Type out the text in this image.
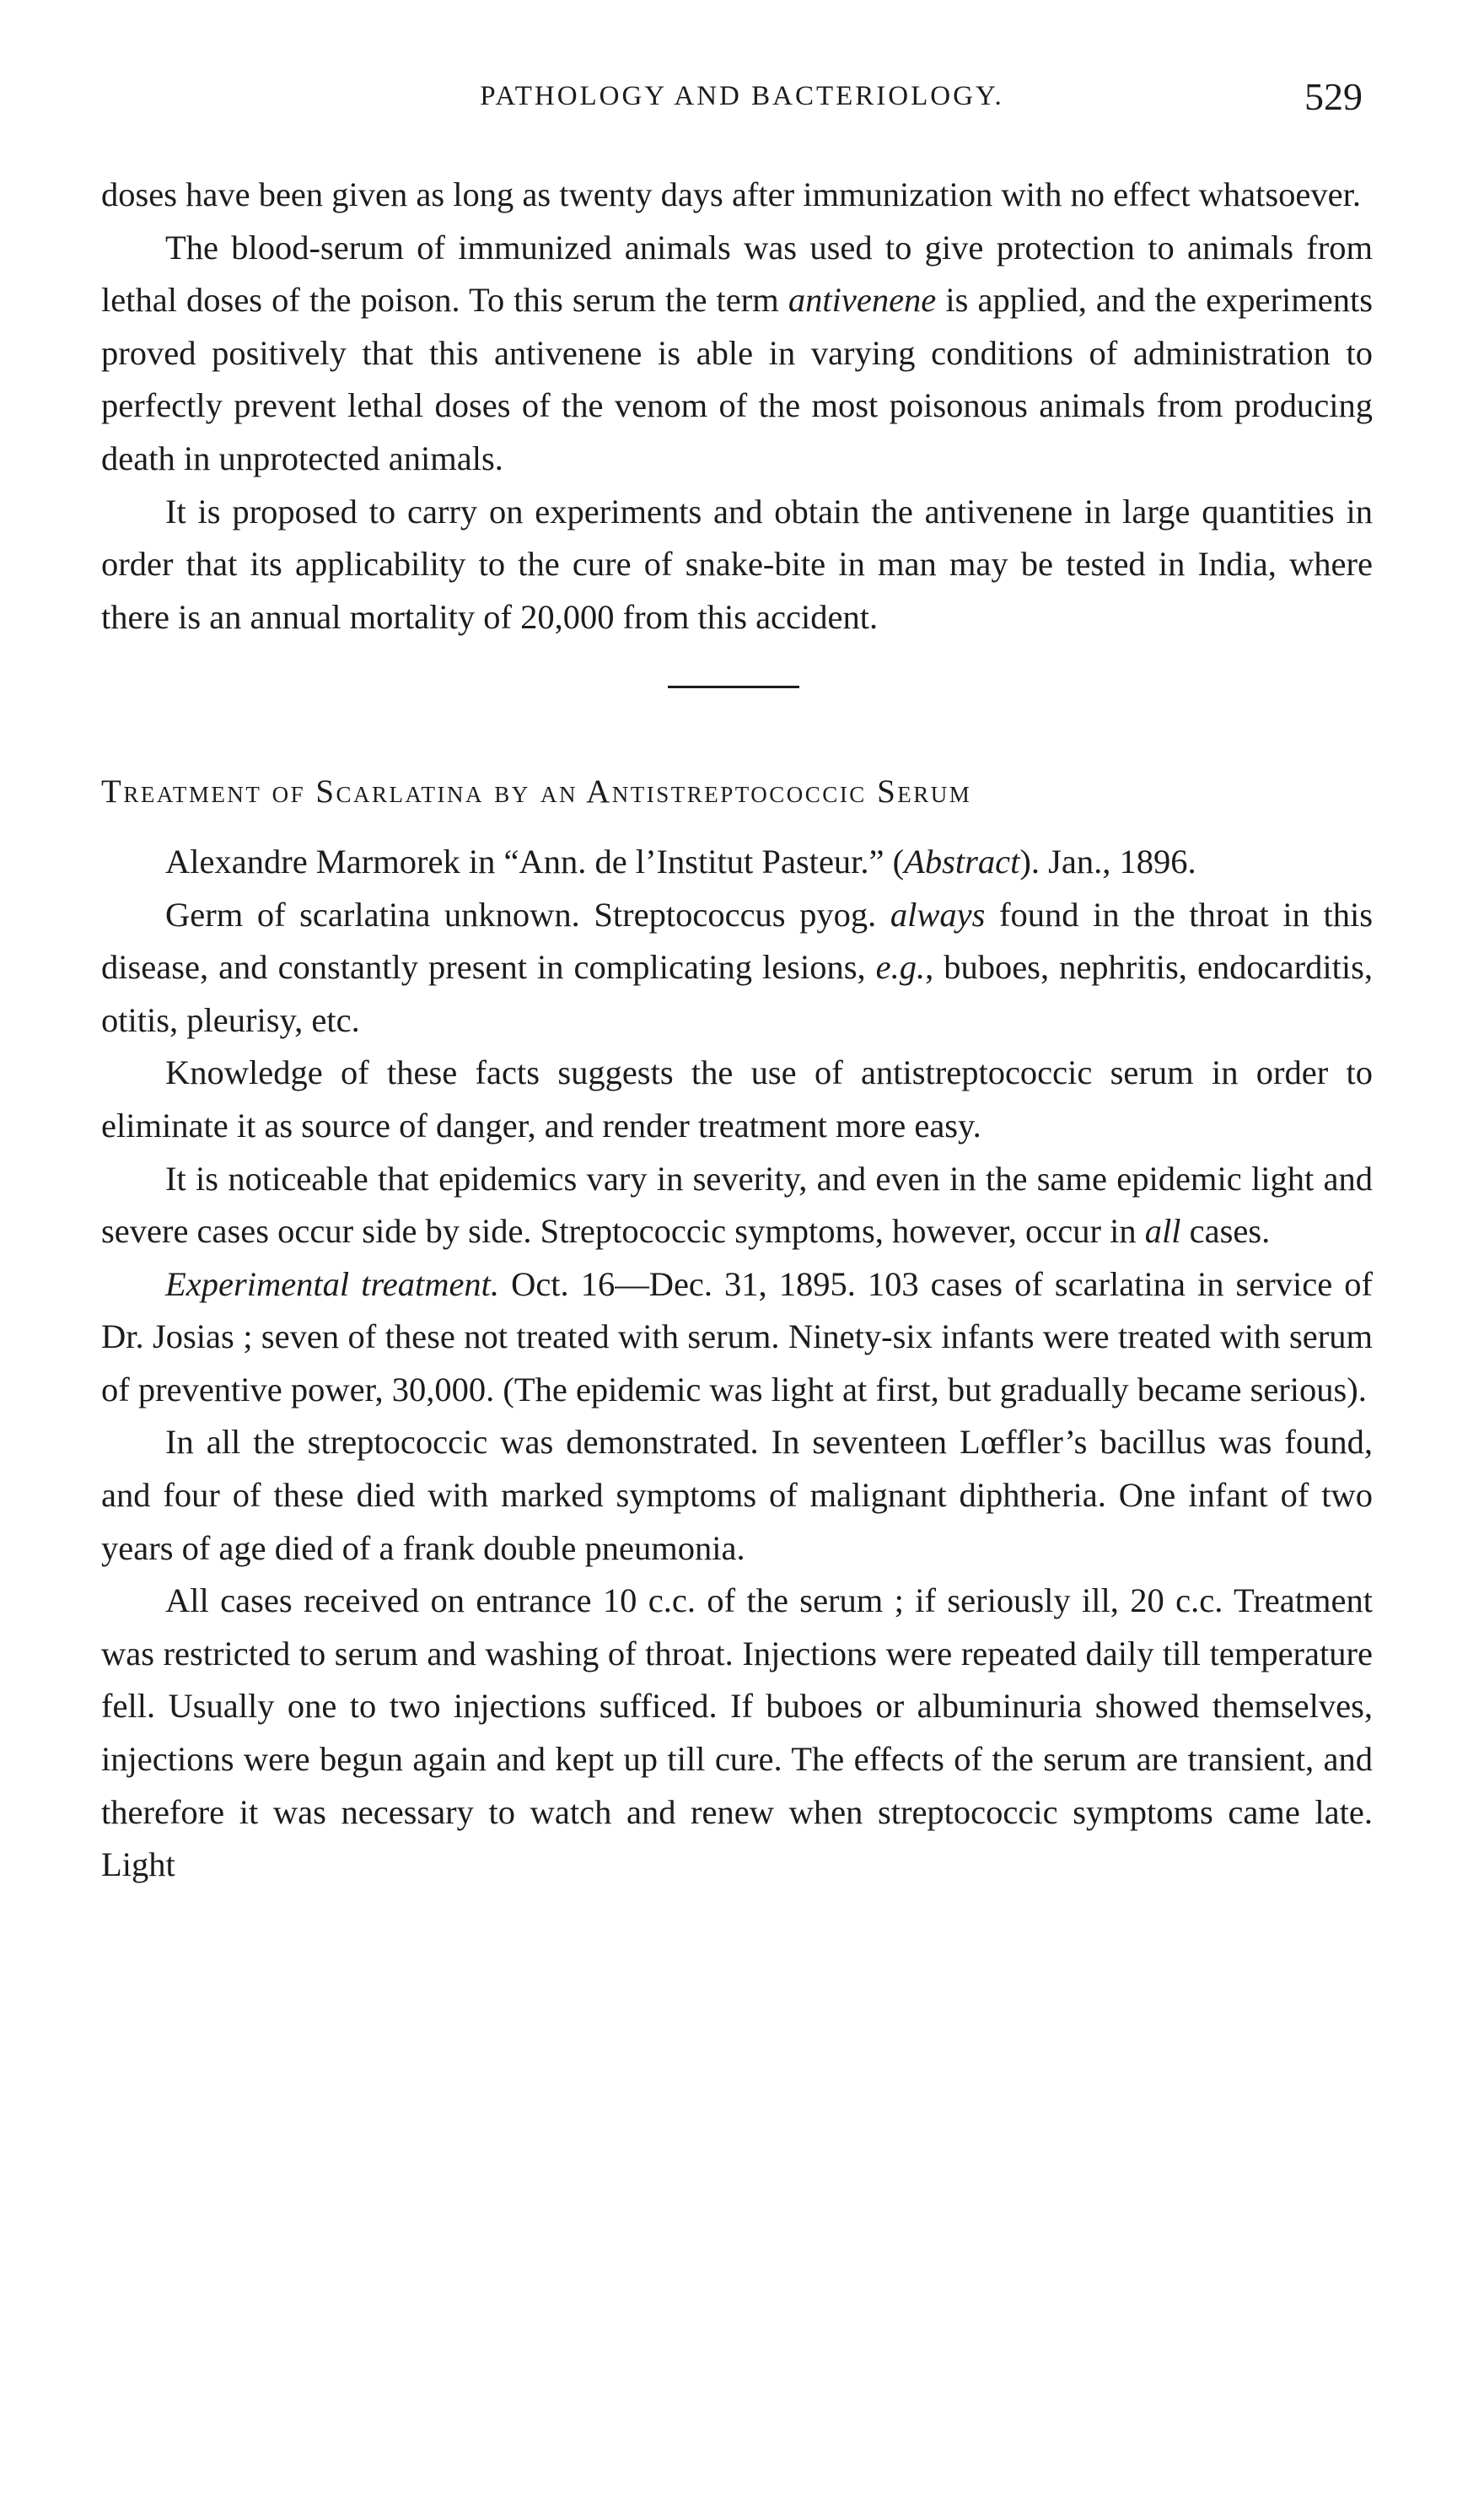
PATHOLOGY AND BACTERIOLOGY.	529

doses have been given as long as twenty days after immunization with no effect whatsoever.

The blood-serum of immunized animals was used to give protection to animals from lethal doses of the poison. To this serum the term antivenene is applied, and the experiments proved positively that this antivenene is able in varying conditions of administration to perfectly prevent lethal doses of the venom of the most poisonous animals from producing death in unprotected animals.

It is proposed to carry on experiments and obtain the antivenene in large quantities in order that its applicability to the cure of snake-bite in man may be tested in India, where there is an annual mortality of 20,000 from this accident.

Treatment of Scarlatina by an Antistreptococcic Serum

Alexandre Marmorek in “Ann. de l’Institut Pasteur.” (Abstract). Jan., 1896.

Germ of scarlatina unknown. Streptococcus pyog. always found in the throat in this disease, and constantly present in complicating lesions, e.g., buboes, nephritis, endocarditis, otitis, pleurisy, etc.

Knowledge of these facts suggests the use of antistreptococcic serum in order to eliminate it as source of danger, and render treatment more easy.

It is noticeable that epidemics vary in severity, and even in the same epidemic light and severe cases occur side by side. Streptococcic symptoms, however, occur in all cases.

Experimental treatment. Oct. 16—Dec. 31, 1895. 103 cases of scarlatina in service of Dr. Josias ; seven of these not treated with serum. Ninety-six infants were treated with serum of preventive power, 30,000. (The epidemic was light at first, but gradually became serious).

In all the streptococcic was demonstrated. In seventeen Lœffler’s bacillus was found, and four of these died with marked symptoms of malignant diphtheria. One infant of two years of age died of a frank double pneumonia.

All cases received on entrance 10 c.c. of the serum ; if seriously ill, 20 c.c. Treatment was restricted to serum and washing of throat. Injections were repeated daily till temperature fell. Usually one to two injections sufficed. If buboes or albuminuria showed themselves, injections were begun again and kept up till cure. The effects of the serum are transient, and therefore it was necessary to watch and renew when streptococcic symptoms came late. Light
